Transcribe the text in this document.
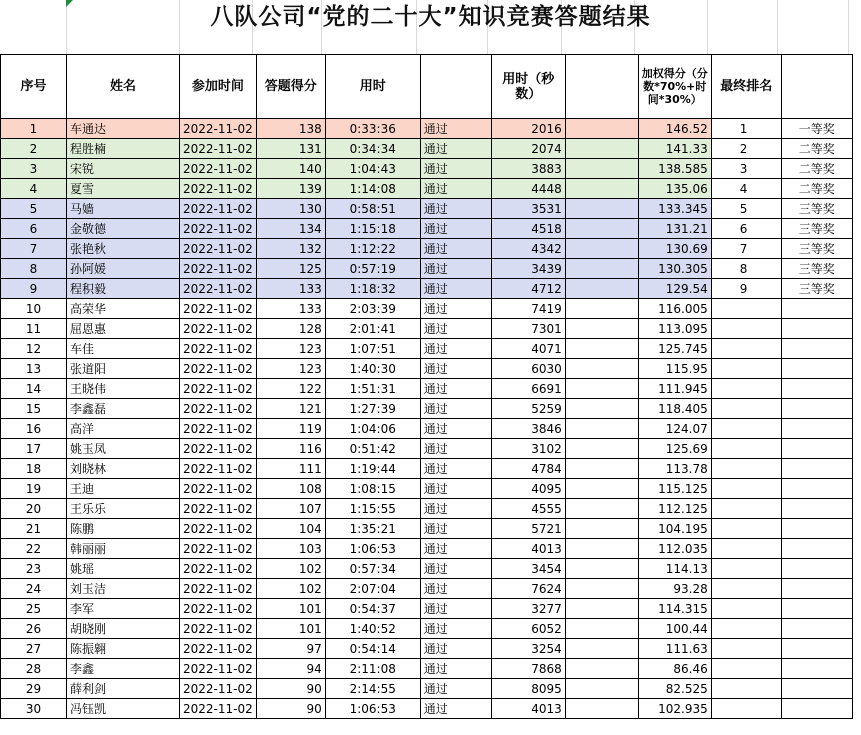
八队公司“党的二十大”知识竞赛答题结果
序号	姓名	参加时间	答题得分	用时		用时（秒数）		加权得分（分数*70%+时间*30%）	最终排名	
1	车通达	2022-11-02	138	0:33:36	通过	2016		146.52	1	一等奖
2	程胜楠	2022-11-02	131	0:34:34	通过	2074		141.33	2	二等奖
3	宋锐	2022-11-02	140	1:04:43	通过	3883		138.585	3	二等奖
4	夏雪	2022-11-02	139	1:14:08	通过	4448		135.06	4	二等奖
5	马嫱	2022-11-02	130	0:58:51	通过	3531		133.345	5	三等奖
6	金敬德	2022-11-02	134	1:15:18	通过	4518		131.21	6	三等奖
7	张艳秋	2022-11-02	132	1:12:22	通过	4342		130.69	7	三等奖
8	孙阿媛	2022-11-02	125	0:57:19	通过	3439		130.305	8	三等奖
9	程积毅	2022-11-02	133	1:18:32	通过	4712		129.54	9	三等奖
10	高荣华	2022-11-02	133	2:03:39	通过	7419		116.005		
11	屈恩惠	2022-11-02	128	2:01:41	通过	7301		113.095		
12	车佳	2022-11-02	123	1:07:51	通过	4071		125.745		
13	张道阳	2022-11-02	123	1:40:30	通过	6030		115.95		
14	王晓伟	2022-11-02	122	1:51:31	通过	6691		111.945		
15	李鑫磊	2022-11-02	121	1:27:39	通过	5259		118.405		
16	高洋	2022-11-02	119	1:04:06	通过	3846		124.07		
17	姚玉凤	2022-11-02	116	0:51:42	通过	3102		125.69		
18	刘晓林	2022-11-02	111	1:19:44	通过	4784		113.78		
19	王迪	2022-11-02	108	1:08:15	通过	4095		115.125		
20	王乐乐	2022-11-02	107	1:15:55	通过	4555		112.125		
21	陈鹏	2022-11-02	104	1:35:21	通过	5721		104.195		
22	韩丽丽	2022-11-02	103	1:06:53	通过	4013		112.035		
23	姚瑶	2022-11-02	102	0:57:34	通过	3454		114.13		
24	刘玉洁	2022-11-02	102	2:07:04	通过	7624		93.28		
25	李军	2022-11-02	101	0:54:37	通过	3277		114.315		
26	胡晓刚	2022-11-02	101	1:40:52	通过	6052		100.44		
27	陈振翱	2022-11-02	97	0:54:14	通过	3254		111.63		
28	李鑫	2022-11-02	94	2:11:08	通过	7868		86.46		
29	薛利剑	2022-11-02	90	2:14:55	通过	8095		82.525		
30	冯钰凯	2022-11-02	90	1:06:53	通过	4013		102.935		
